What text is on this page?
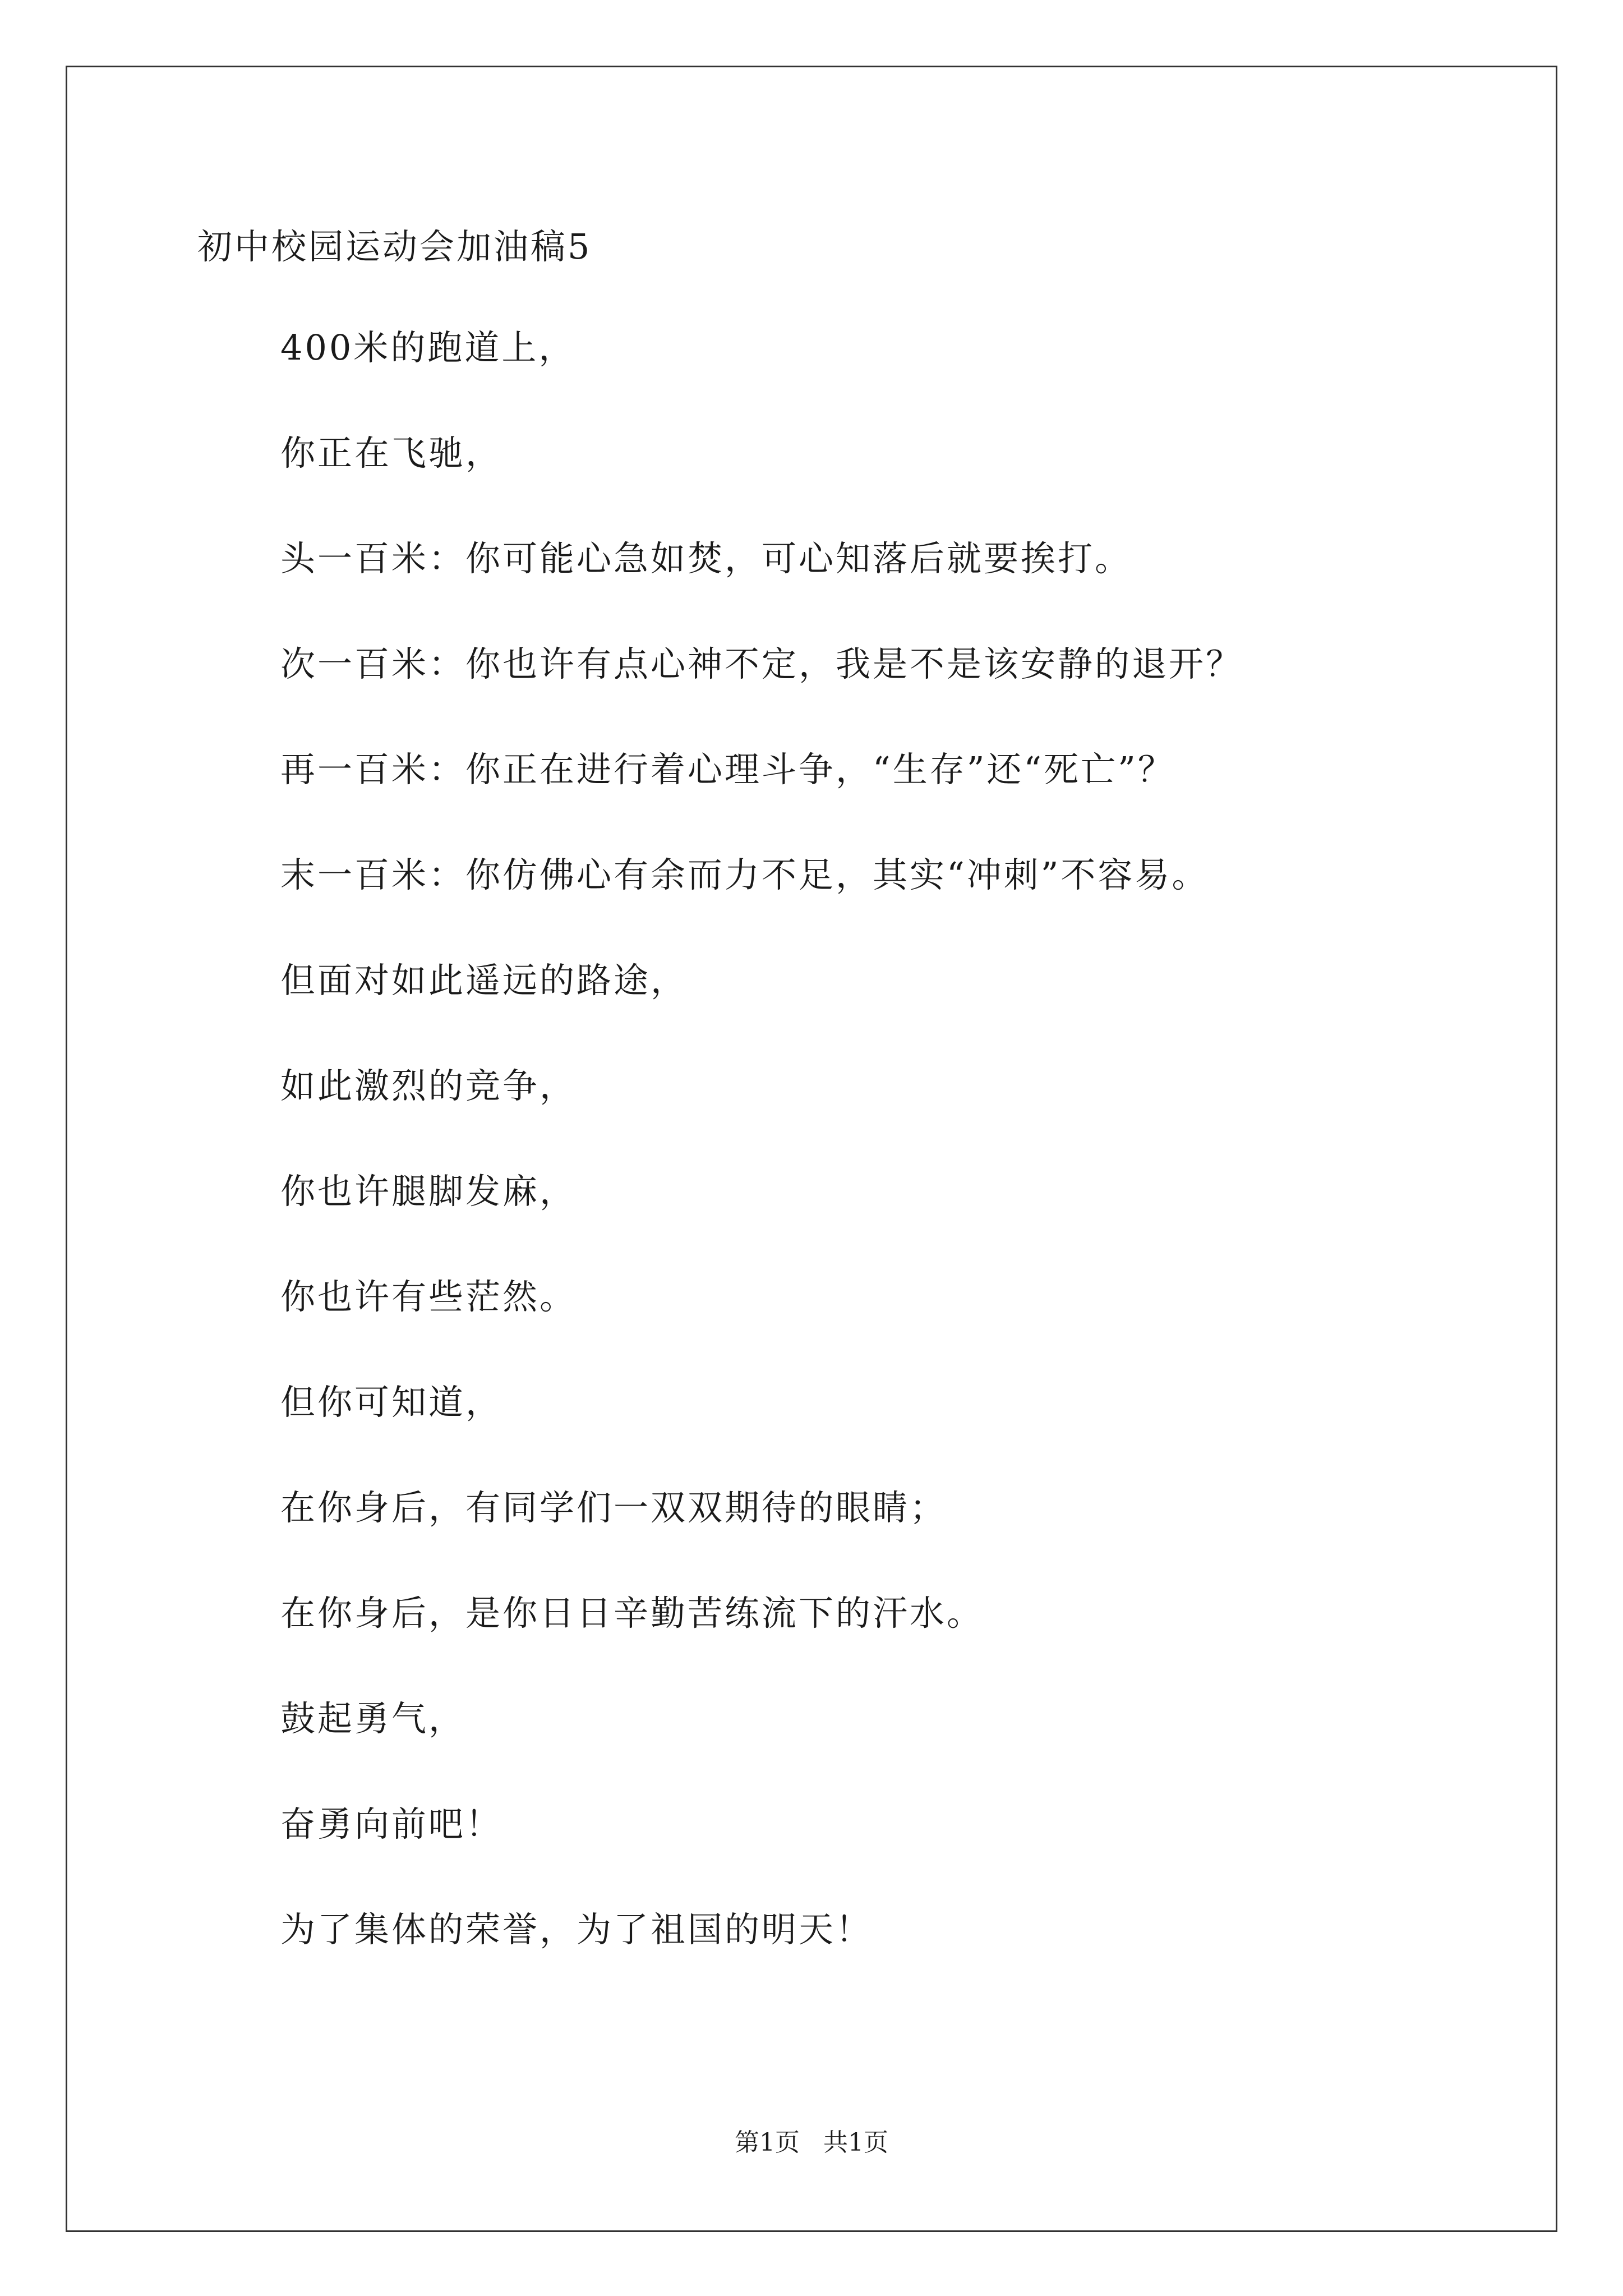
初中校园运动会加油稿5
400米的跑道上，
你正在飞驰，
头一百米：你可能心急如焚，可心知落后就要挨打。
次一百米：你也许有点心神不定，我是不是该安静的退开？
再一百米：你正在进行着心理斗争，“生存”还“死亡”？
末一百米：你仿佛心有余而力不足，其实“冲刺”不容易。
但面对如此遥远的路途，
如此激烈的竞争，
你也许腿脚发麻，
你也许有些茫然。
但你可知道，
在你身后，有同学们一双双期待的眼睛；
在你身后，是你日日辛勤苦练流下的汗水。
鼓起勇气，
奋勇向前吧！
为了集体的荣誉，为了祖国的明天！
第1页   共1页
